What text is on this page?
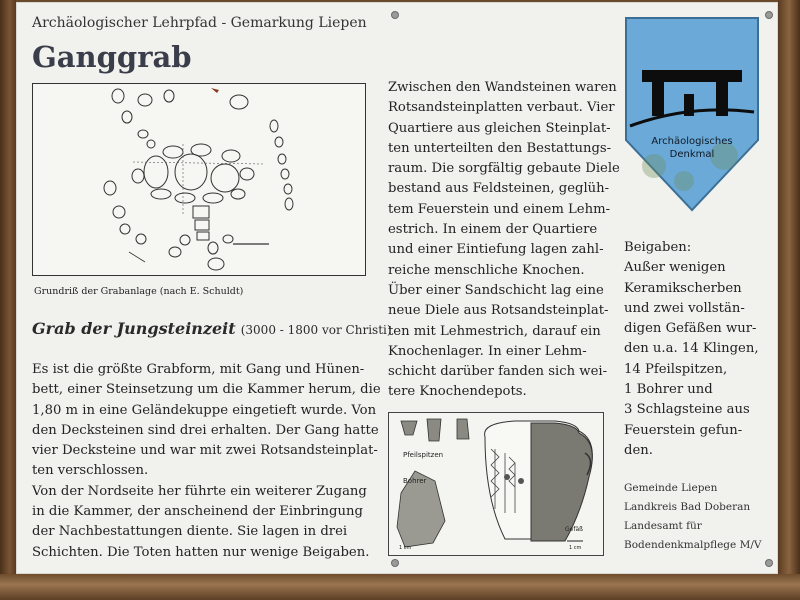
Archäologischer Lehrpfad - Gemarkung Liepen
Ganggrab
Grundriß der Grabanlage (nach E. Schuldt)
Grab der Jungsteinzeit (3000 - 1800 vor Christi)
Es ist die größte Grabform, mit Gang und Hünen-
bett, einer Steinsetzung um die Kammer herum, die
1,80 m in eine Geländekuppe eingetieft wurde. Von
den Decksteinen sind drei erhalten. Der Gang hatte
vier Decksteine und war mit zwei Rotsandsteinplat-
ten verschlossen.
Von der Nordseite her führte ein weiterer Zugang
in die Kammer, der anscheinend der Einbringung
der Nachbestattungen diente. Sie lagen in drei
Schichten. Die Toten hatten nur wenige Beigaben.
Zwischen den Wandsteinen waren
Rotsandsteinplatten verbaut. Vier
Quartiere aus gleichen Steinplat-
ten unterteilten den Bestattungs-
raum. Die sorgfältig gebaute Diele
bestand aus Feldsteinen, geglüh-
tem Feuerstein und einem Lehm-
estrich. In einem der Quartiere
und einer Eintiefung lagen zahl-
reiche menschliche Knochen.
Über einer Sandschicht lag eine
neue Diele aus Rotsandsteinplat-
ten mit Lehmestrich, darauf ein
Knochenlager. In einer Lehm-
schicht darüber fanden sich wei-
tere Knochendepots.
Pfeilspitzen
Bohrer
1 cm
Gefäß
1 cm
Archäologisches
Denkmal
Beigaben:
Außer wenigen
Keramikscherben
und zwei vollstän-
digen Gefäßen wur-
den u.a. 14 Klingen,
14 Pfeilspitzen,
1 Bohrer und
3 Schlagsteine aus
Feuerstein gefun-
den.
Gemeinde Liepen
Landkreis Bad Doberan
Landesamt für
Bodendenkmalpflege M/V
